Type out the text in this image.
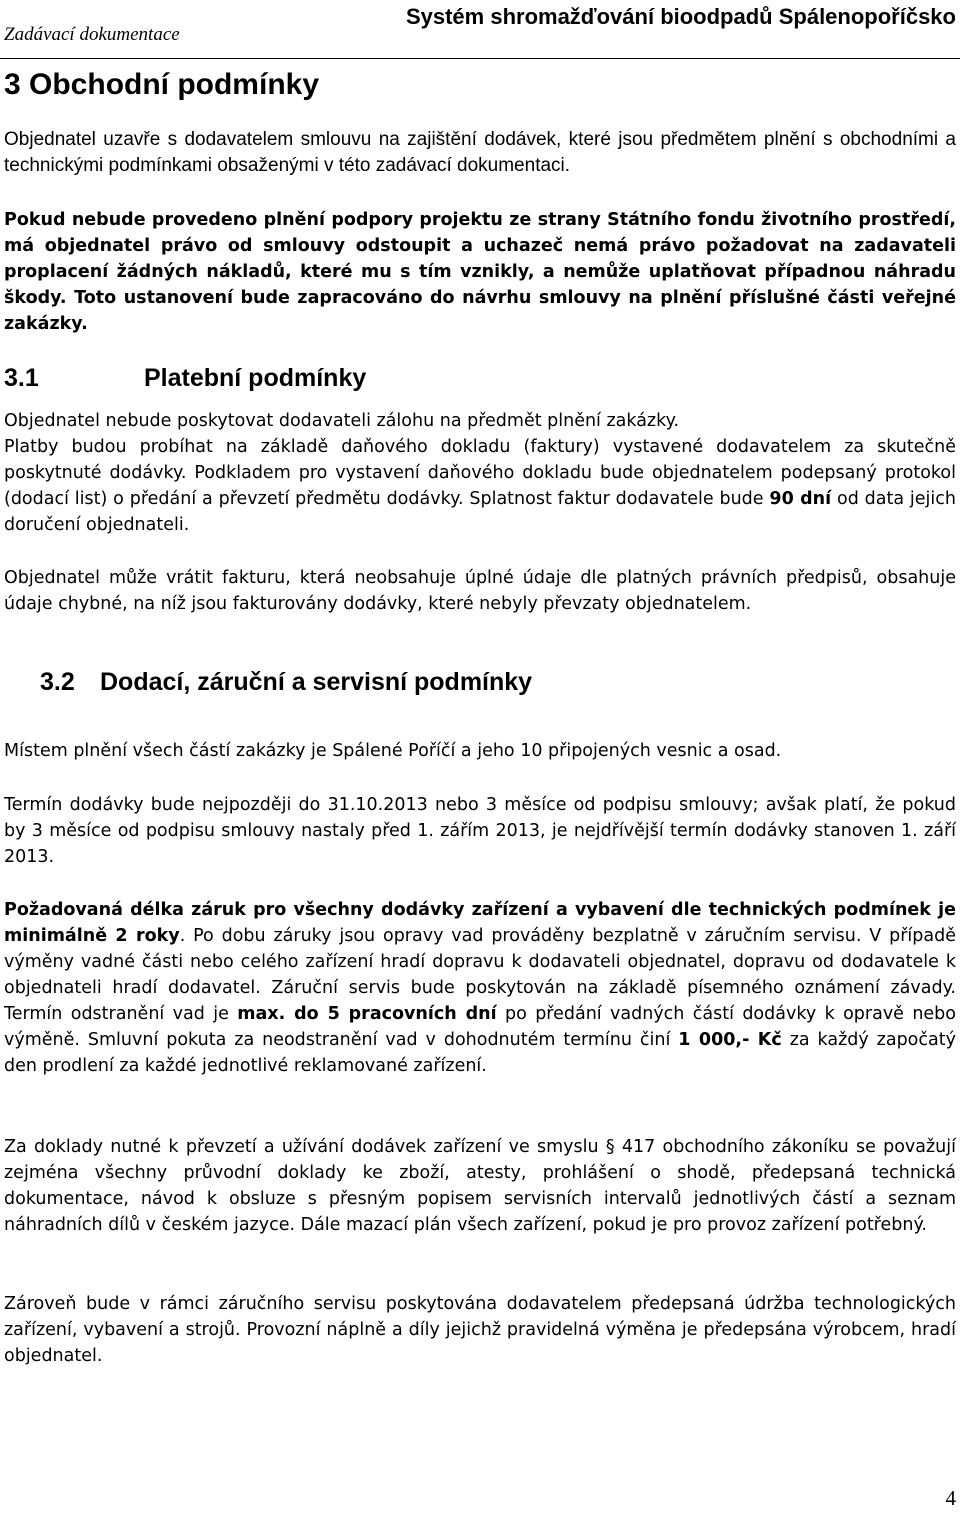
Zadávací dokumentace
Systém shromažďování bioodpadů Spálenopoříčsko
3 Obchodní podmínky
Objednatel uzavře s dodavatelem smlouvu na zajištění dodávek, které jsou předmětem plnění s obchodními a technickými podmínkami obsaženými v této zadávací dokumentaci.
Pokud nebude provedeno plnění podpory projektu ze strany Státního fondu životního prostředí, má objednatel právo od smlouvy odstoupit a uchazeč nemá právo požadovat na zadavateli proplacení žádných nákladů, které mu s tím vznikly, a nemůže uplatňovat případnou náhradu škody. Toto ustanovení bude zapracováno do návrhu smlouvy na plnění příslušné části veřejné zakázky.
3.1	Platební podmínky
Objednatel nebude poskytovat dodavateli zálohu na předmět plnění zakázky.
Platby budou probíhat na základě daňového dokladu (faktury) vystavené dodavatelem za skutečně poskytnuté dodávky. Podkladem pro vystavení daňového dokladu bude objednatelem podepsaný protokol (dodací list) o předání a převzetí předmětu dodávky. Splatnost faktur dodavatele bude 90 dní od data jejich doručení objednateli.
Objednatel může vrátit fakturu, která neobsahuje úplné údaje dle platných právních předpisů, obsahuje údaje chybné, na níž jsou fakturovány dodávky, které nebyly převzaty objednatelem.
3.2 Dodací, záruční a servisní podmínky
Místem plnění všech částí zakázky je Spálené Poříčí a jeho 10 připojených vesnic a osad.
Termín dodávky bude nejpozději do 31.10.2013 nebo 3 měsíce od podpisu smlouvy; avšak platí, že pokud by 3 měsíce od podpisu smlouvy nastaly před 1. zářím 2013, je nejdřívější termín dodávky stanoven 1. září 2013.
Požadovaná délka záruk pro všechny dodávky zařízení a vybavení dle technických podmínek je minimálně 2 roky. Po dobu záruky jsou opravy vad prováděny bezplatně v záručním servisu. V případě výměny vadné části nebo celého zařízení hradí dopravu k dodavateli objednatel, dopravu od dodavatele k objednateli hradí dodavatel. Záruční servis bude poskytován na základě písemného oznámení závady. Termín odstranění vad je max. do 5 pracovních dní po předání vadných částí dodávky k opravě nebo výměně. Smluvní pokuta za neodstranění vad v dohodnutém termínu činí 1 000,- Kč za každý započatý den prodlení za každé jednotlivé reklamované zařízení.
Za doklady nutné k převzetí a užívání dodávek zařízení ve smyslu § 417 obchodního zákoníku se považují zejména všechny průvodní doklady ke zboží, atesty, prohlášení o shodě, předepsaná technická dokumentace, návod k obsluze s přesným popisem servisních intervalů jednotlivých částí a seznam náhradních dílů v českém jazyce. Dále mazací plán všech zařízení, pokud je pro provoz zařízení potřebný.
Zároveň bude v rámci záručního servisu poskytována dodavatelem předepsaná údržba technologických zařízení, vybavení a strojů. Provozní náplně a díly jejichž pravidelná výměna je předepsána výrobcem, hradí objednatel.
4
